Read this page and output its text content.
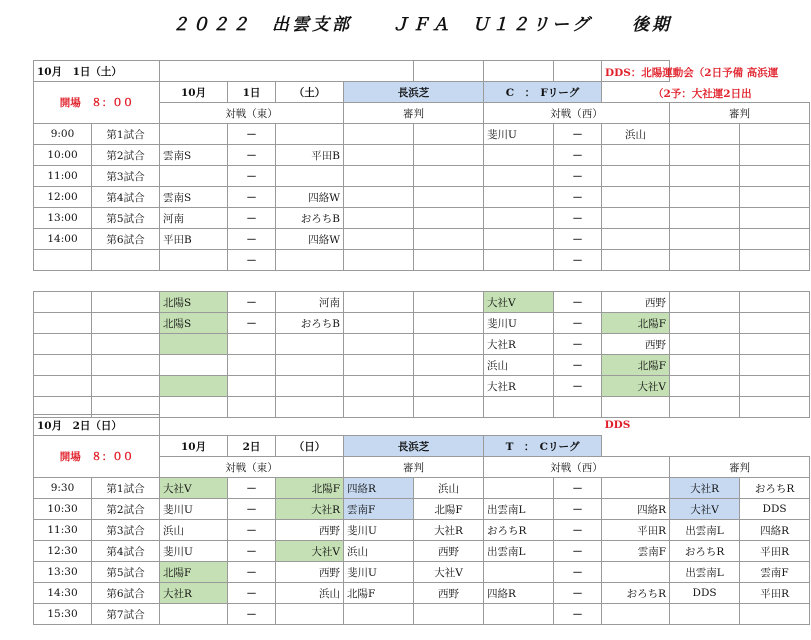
２０２２　出雲支部　　ＪＦＡ　Ｕ１２リーグ　　後期
10月　1日（土）											
開場　８：００		10月	1日	（土）	長浜芝		C　：　Fリーグ				
		対戦（東）			審判		対戦（西）			審判	
9:00	第1試合		－				斐川U	－	浜山		
10:00	第2試合	雲南S	－	平田B				－			
11:00	第3試合		－					－			
12:00	第4試合	雲南S	－	四絡W				－			
13:00	第5試合	河南	－	おろちB				－			
14:00	第6試合	平田B	－	四絡W				－			
			－					－			

		北陽S	－	河南			大社V	－	西野		
		北陽S	－	おろちB			斐川U	－	北陽F		
							大社R	－	西野		
							浜山	－	北陽F		
							大社R	－	大社V		

DDS：北陽運動会（2日予備 高浜運
（2予：大社運2日出
10月　2日（日）									DDS		
開場　８：００		10月	2日	（日）	長浜芝		T　：　Cリーグ				
		対戦（東）			審判		対戦（西）			審判	
9:30	第1試合	大社V	－	北陽F	四絡R	浜山		－		大社R	おろちR
10:30	第2試合	斐川U	－	大社R	雲南F	北陽F	出雲南L	－	四絡R	大社V	DDS
11:30	第3試合	浜山	－	西野	斐川U	大社R	おろちR	－	平田R	出雲南L	四絡R
12:30	第4試合	斐川U	－	大社V	浜山	西野	出雲南L	－	雲南F	おろちR	平田R
13:30	第5試合	北陽F	－	西野	斐川U	大社V		－		出雲南L	雲南F
14:30	第6試合	大社R	－	浜山	北陽F	西野	四絡R	－	おろちR	DDS	平田R
15:30	第7試合		－					－			
